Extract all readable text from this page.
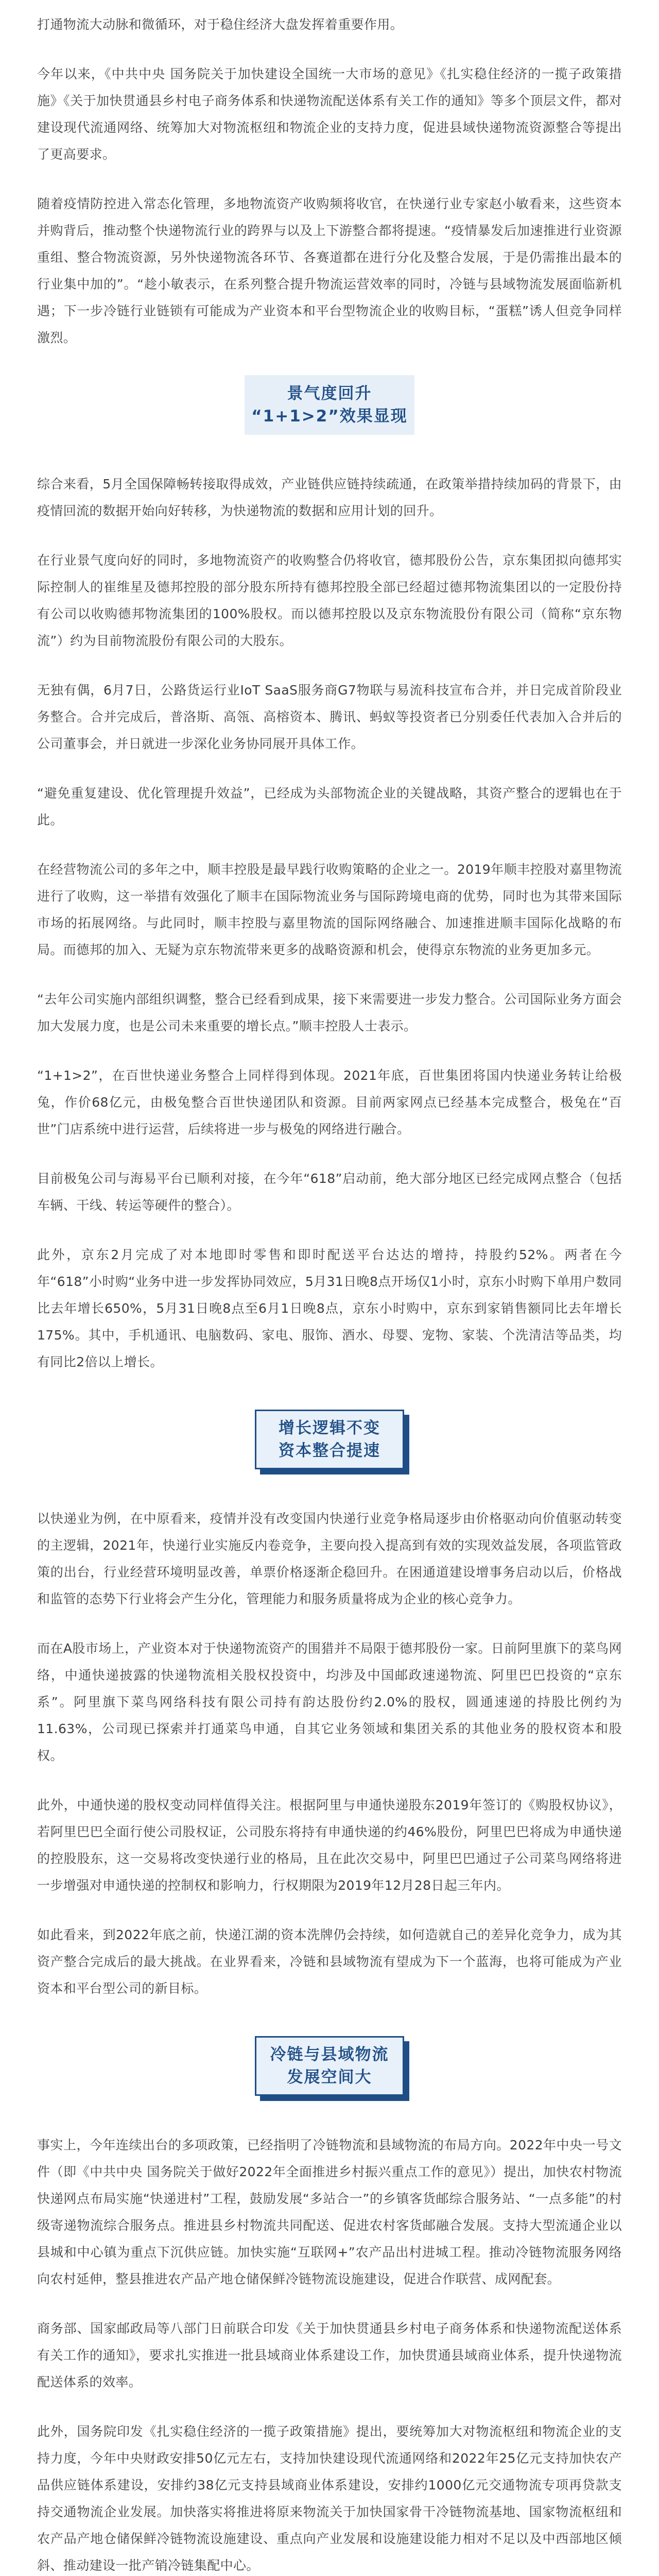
打通物流大动脉和微循环，对于稳住经济大盘发挥着重要作用。

今年以来，《中共中央 国务院关于加快建设全国统一大市场的意见》《扎实稳住经济的一揽子政策措施》《关于加快贯通县乡村电子商务体系和快递物流配送体系有关工作的通知》等多个顶层文件，都对建设现代流通网络、统筹加大对物流枢纽和物流企业的支持力度，促进县域快递物流资源整合等提出了更高要求。

随着疫情防控进入常态化管理，多地物流资产收购频将收官，在快递行业专家赵小敏看来，这些资本并购背后，推动整个快递物流行业的跨界与以及上下游整合都将提速。“疫情暴发后加速推进行业资源重组、整合物流资源，另外快递物流各环节、各赛道都在进行分化及整合发展，于是仍需推出最本的行业集中加的”。“趁小敏表示，在系列整合提升物流运营效率的同时，冷链与县域物流发展面临新机遇；下一步冷链行业链锁有可能成为产业资本和平台型物流企业的收购目标，“蛋糕”诱人但竞争同样激烈。

景气度回升
“1+1>2”效果显现

综合来看，5月全国保障畅转接取得成效，产业链供应链持续疏通，在政策举措持续加码的背景下，由疫情回流的数据开始向好转移，为快递物流的数据和应用计划的回升。

在行业景气度向好的同时，多地物流资产的收购整合仍将收官，德邦股份公告，京东集团拟向德邦实际控制人的崔维星及德邦控股的部分股东所持有德邦控股全部已经超过德邦物流集团以的一定股份持有公司以收购德邦物流集团的100%股权。而以德邦控股以及京东物流股份有限公司（简称“京东物流”）约为目前物流股份有限公司的大股东。

无独有偶，6月7日，公路货运行业IoT SaaS服务商G7物联与易流科技宣布合并，并日完成首阶段业务整合。合并完成后，普洛斯、高瓴、高榕资本、腾讯、蚂蚁等投资者已分别委任代表加入合并后的公司董事会，并日就进一步深化业务协同展开具体工作。

“避免重复建设、优化管理提升效益”，已经成为头部物流企业的关键战略，其资产整合的逻辑也在于此。

在经营物流公司的多年之中，顺丰控股是最早践行收购策略的企业之一。2019年顺丰控股对嘉里物流进行了收购，这一举措有效强化了顺丰在国际物流业务与国际跨境电商的优势，同时也为其带来国际市场的拓展网络。与此同时，顺丰控股与嘉里物流的国际网络融合、加速推进顺丰国际化战略的布局。而德邦的加入、无疑为京东物流带来更多的战略资源和机会，使得京东物流的业务更加多元。

“去年公司实施内部组织调整，整合已经看到成果，接下来需要进一步发力整合。公司国际业务方面会加大发展力度，也是公司未来重要的增长点。”顺丰控股人士表示。

“1+1>2”，在百世快递业务整合上同样得到体现。2021年底，百世集团将国内快递业务转让给极兔，作价68亿元，由极兔整合百世快递团队和资源。目前两家网点已经基本完成整合，极兔在“百世”门店系统中进行运营，后续将进一步与极兔的网络进行融合。

目前极兔公司与海易平台已顺利对接，在今年“618”启动前，绝大部分地区已经完成网点整合（包括车辆、干线、转运等硬件的整合）。

此外，京东2月完成了对本地即时零售和即时配送平台达达的增持，持股约52%。两者在今年“618”小时购“业务中进一步发挥协同效应，5月31日晚8点开场仅1小时，京东小时购下单用户数同比去年增长650%，5月31日晚8点至6月1日晚8点，京东小时购中，京东到家销售额同比去年增长175%。其中，手机通讯、电脑数码、家电、服饰、酒水、母婴、宠物、家装、个洗清洁等品类，均有同比2倍以上增长。

增长逻辑不变
资本整合提速

以快递业为例，在中原看来，疫情并没有改变国内快递行业竞争格局逐步由价格驱动向价值驱动转变的主逻辑，2021年，快递行业实施反内卷竞争，主要向投入提高到有效的实现效益发展，各项监管政策的出台，行业经营环境明显改善，单票价格逐渐企稳回升。在困通道建设增事务启动以后，价格战和监管的态势下行业将会产生分化，管理能力和服务质量将成为企业的核心竞争力。

而在A股市场上，产业资本对于快递物流资产的围猎并不局限于德邦股份一家。日前阿里旗下的菜鸟网络，中通快递披露的快递物流相关股权投资中，均涉及中国邮政速递物流、阿里巴巴投资的“京东系”。阿里旗下菜鸟网络科技有限公司持有韵达股份约2.0%的股权，圆通速递的持股比例约为11.63%，公司现已探索并打通菜鸟申通，自其它业务领域和集团关系的其他业务的股权资本和股权。

此外，中通快递的股权变动同样值得关注。根据阿里与申通快递股东2019年签订的《购股权协议》，若阿里巴巴全面行使公司股权证，公司股东将持有申通快递的约46%股份，阿里巴巴将成为申通快递的控股股东，这一交易将改变快递行业的格局，且在此次交易中，阿里巴巴通过子公司菜鸟网络将进一步增强对申通快递的控制权和影响力，行权期限为2019年12月28日起三年内。

如此看来，到2022年底之前，快递江湖的资本洗牌仍会持续，如何造就自己的差异化竞争力，成为其资产整合完成后的最大挑战。在业界看来，冷链和县域物流有望成为下一个蓝海，也将可能成为产业资本和平台型公司的新目标。

冷链与县域物流
发展空间大

事实上，今年连续出台的多项政策，已经指明了冷链物流和县域物流的布局方向。2022年中央一号文件（即《中共中央 国务院关于做好2022年全面推进乡村振兴重点工作的意见》）提出，加快农村物流快递网点布局实施“快递进村”工程，鼓励发展“多站合一”的乡镇客货邮综合服务站、“一点多能”的村级寄递物流综合服务点。推进县乡村物流共同配送、促进农村客货邮融合发展。支持大型流通企业以县城和中心镇为重点下沉供应链。加快实施“互联网+”农产品出村进城工程。推动冷链物流服务网络向农村延伸，整县推进农产品产地仓储保鲜冷链物流设施建设，促进合作联营、成网配套。

商务部、国家邮政局等八部门日前联合印发《关于加快贯通县乡村电子商务体系和快递物流配送体系有关工作的通知》，要求扎实推进一批县域商业体系建设工作，加快贯通县域商业体系，提升快递物流配送体系的效率。

此外，国务院印发《扎实稳住经济的一揽子政策措施》提出，要统筹加大对物流枢纽和物流企业的支持力度，今年中央财政安排50亿元左右，支持加快建设现代流通网络和2022年25亿元支持加快农产品供应链体系建设，安排约38亿元支持县域商业体系建设，安排约1000亿元交通物流专项再贷款支持交通物流企业发展。加快落实将推进将原来物流关于加快国家骨干冷链物流基地、国家物流枢纽和农产品产地仓储保鲜冷链物流设施建设、重点向产业发展和设施建设能力相对不足以及中西部地区倾斜、推动建设一批产销冷链集配中心。
